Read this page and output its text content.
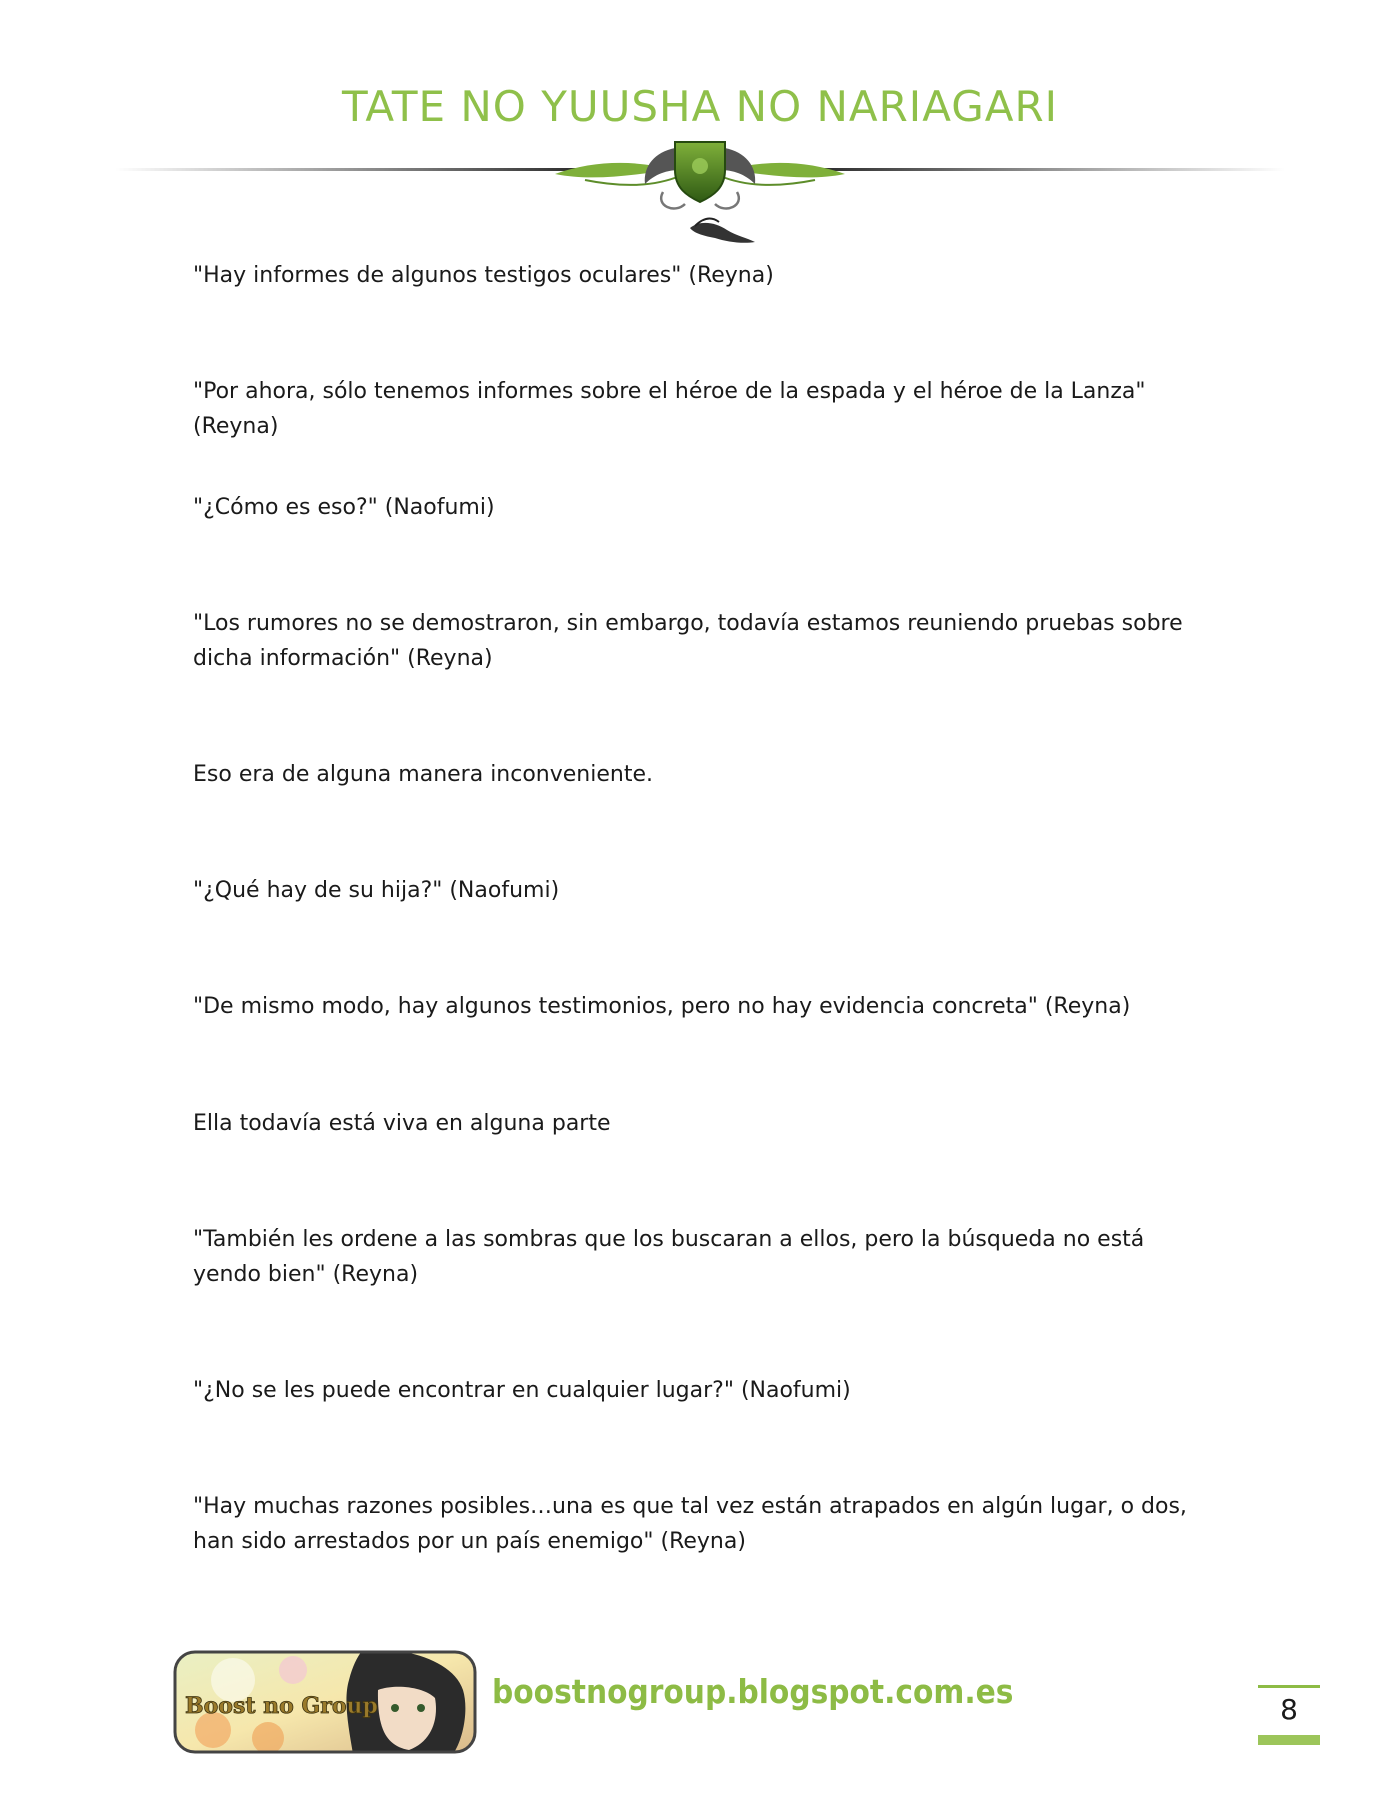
TATE NO YUUSHA NO NARIAGARI

"Hay informes de algunos testigos oculares" (Reyna)

"Por ahora, sólo tenemos informes sobre el héroe de la espada y el héroe de la Lanza" (Reyna)

"¿Cómo es eso?" (Naofumi)

"Los rumores no se demostraron, sin embargo, todavía estamos reuniendo pruebas sobre dicha información" (Reyna)

Eso era de alguna manera inconveniente.

"¿Qué hay de su hija?" (Naofumi)

"De mismo modo, hay algunos testimonios, pero no hay evidencia concreta" (Reyna)

Ella todavía está viva en alguna parte

"También les ordene a las sombras que los buscaran a ellos, pero la búsqueda no está yendo bien" (Reyna)

"¿No se les puede encontrar en cualquier lugar?" (Naofumi)

"Hay muchas razones posibles…una es que tal vez están atrapados en algún lugar, o dos, han sido arrestados por un país enemigo" (Reyna)

Boost no Group	boostnogroup.blogspot.com.es	8
